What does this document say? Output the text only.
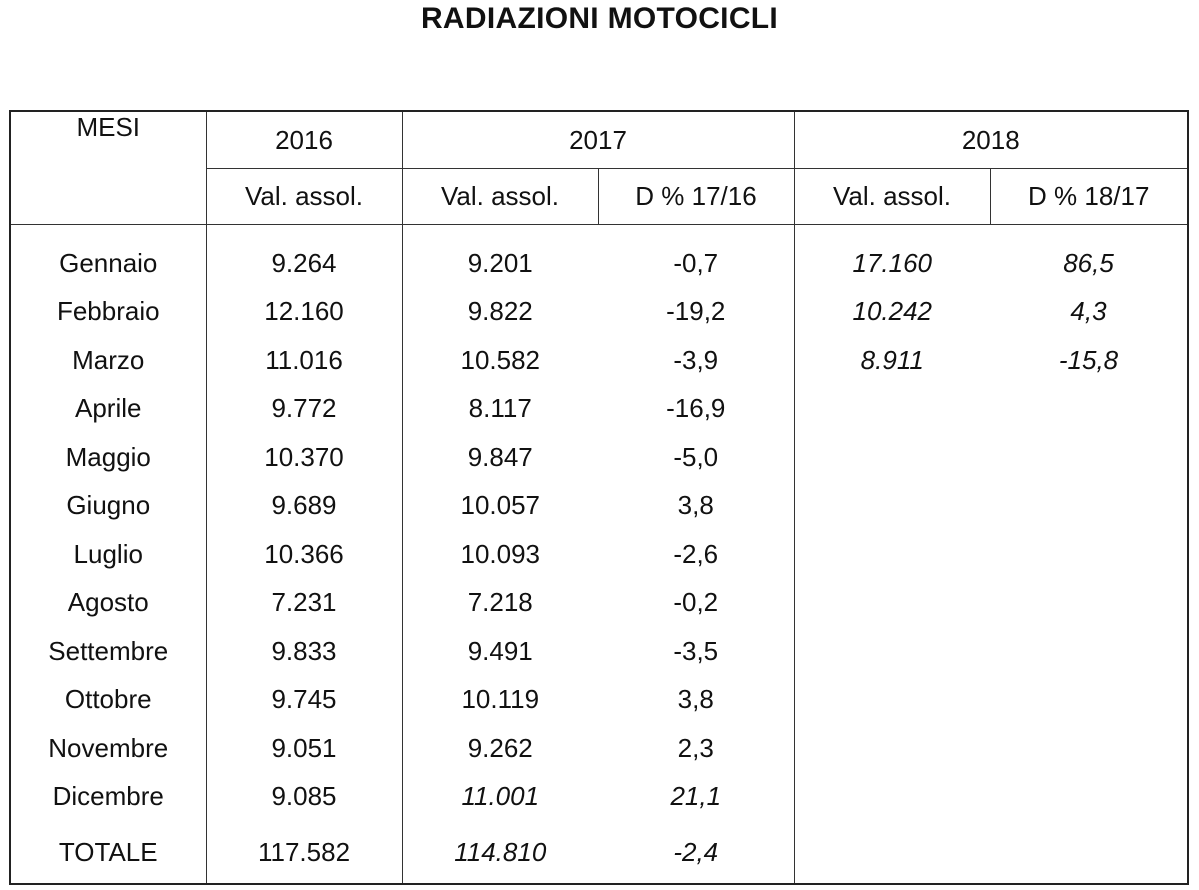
RADIAZIONI MOTOCICLI
MESI	2016	2017		2018	
	Val. assol.	Val. assol.	D % 17/16	Val. assol.	D % 18/17
Gennaio	9.264	9.201	-0,7	17.160	86,5
Febbraio	12.160	9.822	-19,2	10.242	4,3
Marzo	11.016	10.582	-3,9	8.911	-15,8
Aprile	9.772	8.117	-16,9		
Maggio	10.370	9.847	-5,0		
Giugno	9.689	10.057	3,8		
Luglio	10.366	10.093	-2,6		
Agosto	7.231	7.218	-0,2		
Settembre	9.833	9.491	-3,5		
Ottobre	9.745	10.119	3,8		
Novembre	9.051	9.262	2,3		
Dicembre	9.085	11.001	21,1		
TOTALE	117.582	114.810	-2,4		
